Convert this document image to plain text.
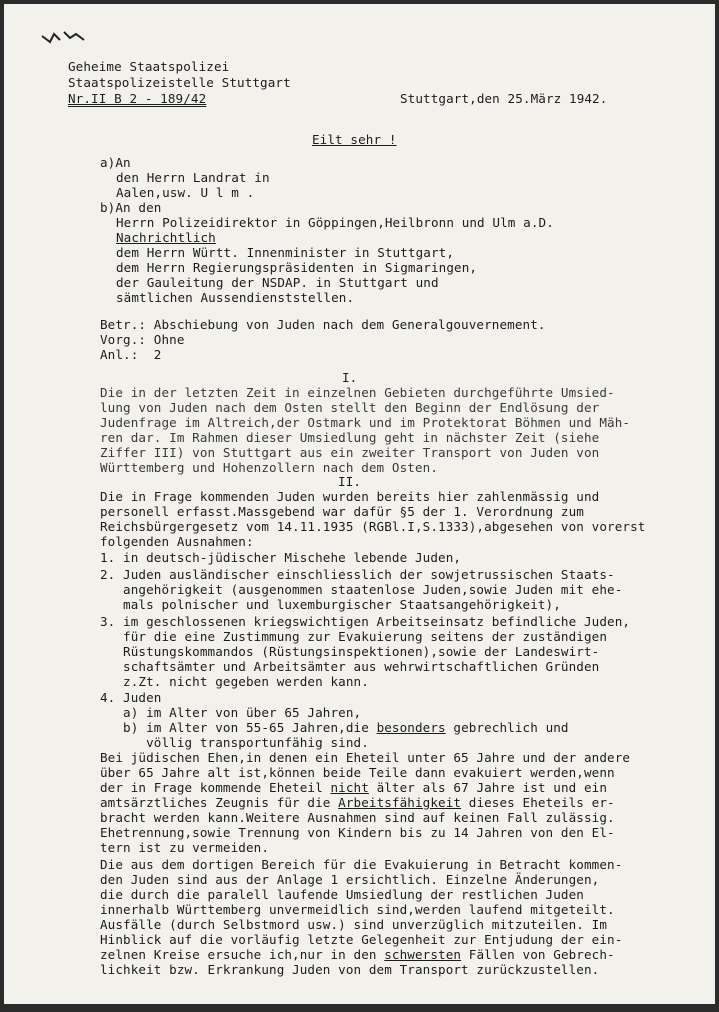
Geheime Staatspolizei
Staatspolizeistelle Stuttgart
Nr.II B 2 - 189/42	Stuttgart,den 25.März 1942.
Eilt sehr !
a)An
den Herrn Landrat in
Aalen,usw. U l m .
b)An den
Herrn Polizeidirektor in Göppingen,Heilbronn und Ulm a.D.
Nachrichtlich
dem Herrn Württ. Innenminister in Stuttgart,
dem Herrn Regierungspräsidenten in Sigmaringen,
der Gauleitung der NSDAP. in Stuttgart und
sämtlichen Aussendienststellen.
Betr.: Abschiebung von Juden nach dem Generalgouvernement.
Vorg.: Ohne
Anl.:  2
I.
Die in der letzten Zeit in einzelnen Gebieten durchgeführte Umsied-
lung von Juden nach dem Osten stellt den Beginn der Endlösung der
Judenfrage im Altreich,der Ostmark und im Protektorat Böhmen und Mäh-
ren dar. Im Rahmen dieser Umsiedlung geht in nächster Zeit (siehe
Ziffer III) von Stuttgart aus ein zweiter Transport von Juden von
Württemberg und Hohenzollern nach dem Osten.
II.
Die in Frage kommenden Juden wurden bereits hier zahlenmässig und
personell erfasst.Massgebend war dafür §5 der 1. Verordnung zum
Reichsbürgergesetz vom 14.11.1935 (RGBl.I,S.1333),abgesehen von vorerst
folgenden Ausnahmen:
1. in deutsch-jüdischer Mischehe lebende Juden,
2. Juden ausländischer einschliesslich der sowjetrussischen Staats-
angehörigkeit (ausgenommen staatenlose Juden,sowie Juden mit ehe-
mals polnischer und luxemburgischer Staatsangehörigkeit),
3. im geschlossenen kriegswichtigen Arbeitseinsatz befindliche Juden,
für die eine Zustimmung zur Evakuierung seitens der zuständigen
Rüstungskommandos (Rüstungsinspektionen),sowie der Landeswirt-
schaftsämter und Arbeitsämter aus wehrwirtschaftlichen Gründen
z.Zt. nicht gegeben werden kann.
4. Juden
a) im Alter von über 65 Jahren,
b) im Alter von 55-65 Jahren,die besonders gebrechlich und
völlig transportunfähig sind.
Bei jüdischen Ehen,in denen ein Eheteil unter 65 Jahre und der andere
über 65 Jahre alt ist,können beide Teile dann evakuiert werden,wenn
der in Frage kommende Eheteil nicht älter als 67 Jahre ist und ein
amtsärztliches Zeugnis für die Arbeitsfähigkeit dieses Eheteils er-
bracht werden kann.Weitere Ausnahmen sind auf keinen Fall zulässig.
Ehetrennung,sowie Trennung von Kindern bis zu 14 Jahren von den El-
tern ist zu vermeiden.
Die aus dem dortigen Bereich für die Evakuierung in Betracht kommen-
den Juden sind aus der Anlage 1 ersichtlich. Einzelne Änderungen,
die durch die paralell laufende Umsiedlung der restlichen Juden
innerhalb Württemberg unvermeidlich sind,werden laufend mitgeteilt.
Ausfälle (durch Selbstmord usw.) sind unverzüglich mitzuteilen. Im
Hinblick auf die vorläufig letzte Gelegenheit zur Entjudung der ein-
zelnen Kreise ersuche ich,nur in den schwersten Fällen von Gebrech-
lichkeit bzw. Erkrankung Juden von dem Transport zurückzustellen.
